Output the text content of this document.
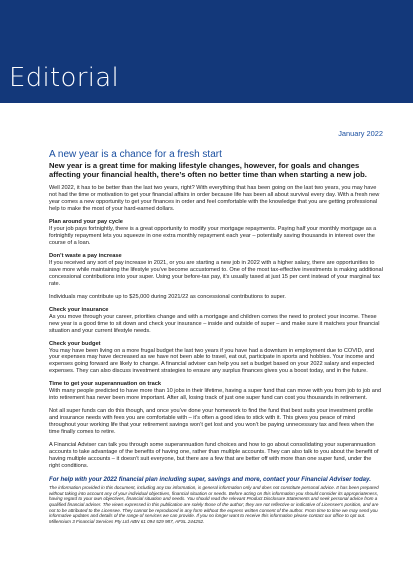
Editorial
January 2022
A new year is a chance for a fresh start
New year is a great time for making lifestyle changes, however, for goals and changes affecting your financial health, there’s often no better time than when starting a new job.

Well 2022, it has to be better than the last two years, right? With everything that has been going on the last two years, you may have not had the time or motivation to get your financial affairs in order because life has been all about survival every day. With a fresh new year comes a new opportunity to get your finances in order and feel comfortable with the knowledge that you are getting professional help to make the most of your hard-earned dollars.

Plan around your pay cycle

If your job pays fortnightly, there is a great opportunity to modify your mortgage repayments. Paying half your monthly mortgage as a fortnightly repayment lets you squeeze in one extra monthly repayment each year – potentially saving thousands in interest over the course of a loan.

Don’t waste a pay increase

If you received any sort of pay increase in 2021, or you are starting a new job in 2022 with a higher salary, there are opportunities to save more while maintaining the lifestyle you’ve become accustomed to. One of the most tax-effective investments is making additional concessional contributions into your super. Using your before-tax pay, it’s usually taxed at just 15 per cent instead of your marginal tax rate.

Individuals may contribute up to $25,000 during 2021/22 as concessional contributions to super.

Check your insurance

As you move through your career, priorities change and with a mortgage and children comes the need to protect your income. These new year is a good time to sit down and check your insurance – inside and outside of super – and make sure it matches your financial situation and your current lifestyle needs.

Check your budget

You may have been living on a more frugal budget the last two years if you have had a downturn in employment due to COVID, and your expenses may have decreased as we have not been able to travel, eat out, participate in sports and hobbies. Your income and expenses going forward are likely to change. A financial adviser can help you set a budget based on your 2022 salary and expected expenses. They can also discuss investment strategies to ensure any surplus finances gives you a boost today, and in the future.

Time to get your superannuation on track

With many people predicted to have more than 10 jobs in their lifetime, having a super fund that can move with you from job to job and into retirement has never been more important. After all, losing track of just one super fund can cost you thousands in retirement.

Not all super funds can do this though, and once you’ve done your homework to find the fund that best suits your investment profile and insurance needs with fees you are comfortable with – it’s often a good idea to stick with it. This gives you peace of mind throughout your working life that your retirement savings won’t get lost and you won’t be paying unnecessary tax and fees when the time finally comes to retire.

A Financial Adviser can talk you through some superannuation fund choices and how to go about consolidating your superannuation accounts to take advantage of the benefits of having one, rather than multiple accounts. They can also talk to you about the benefit of having multiple accounts – it doesn’t suit everyone, but there are a few that are better off with more than one super fund, under the right conditions.

For help with your 2022 financial plan including super, savings and more, contact your Financial Adviser today.
The information provided in this document, including any tax information, is general information only and does not constitute personal advice. It has been prepared without taking into account any of your individual objectives, financial situation or needs. Before acting on this information you should consider its appropriateness, having regard to your own objectives, financial situation and needs. You should read the relevant Product Disclosure Statements and seek personal advice from a qualified financial adviser. The views expressed in this publication are solely those of the author; they are not reflective or indicative of Licensee’s position, and are not to be attributed to the Licensee. They cannot be reproduced in any form without the express written consent of the author. From time to time we may send you informative updates and details of the range of services we can provide. If you no longer want to receive this information please contact our office to opt out. Millennium 3 Financial Services Pty Ltd ABN 61 094 529 987, AFSL 244252.
